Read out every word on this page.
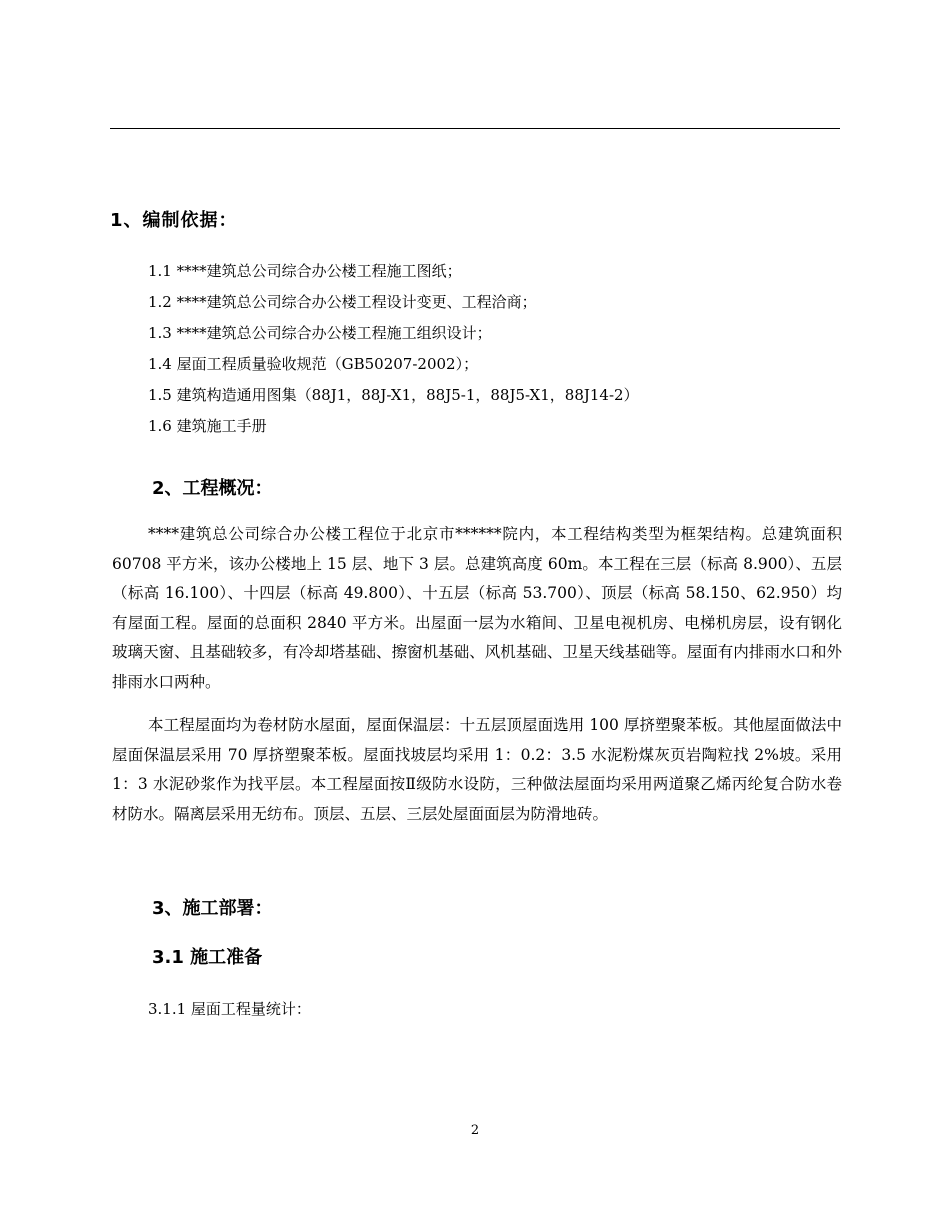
1、编制依据：
1.1 ****建筑总公司综合办公楼工程施工图纸；
1.2 ****建筑总公司综合办公楼工程设计变更、工程洽商；
1.3 ****建筑总公司综合办公楼工程施工组织设计；
1.4 屋面工程质量验收规范（GB50207-2002）；
1.5 建筑构造通用图集（88J1，88J-X1，88J5-1，88J5-X1，88J14-2）
1.6 建筑施工手册
2、工程概况：
****建筑总公司综合办公楼工程位于北京市******院内，本工程结构类型为框架结构。总建筑面积 60708 平方米，该办公楼地上 15 层、地下 3 层。总建筑高度 60m。本工程在三层（标高 8.900）、五层（标高 16.100）、十四层（标高 49.800）、十五层（标高 53.700）、顶层（标高 58.150、62.950）均有屋面工程。屋面的总面积 2840 平方米。出屋面一层为水箱间、卫星电视机房、电梯机房层，设有钢化玻璃天窗、且基础较多，有冷却塔基础、擦窗机基础、风机基础、卫星天线基础等。屋面有内排雨水口和外排雨水口两种。
本工程屋面均为卷材防水屋面，屋面保温层：十五层顶屋面选用 100 厚挤塑聚苯板。其他屋面做法中屋面保温层采用 70 厚挤塑聚苯板。屋面找坡层均采用 1：0.2：3.5 水泥粉煤灰页岩陶粒找 2%坡。采用 1：3 水泥砂浆作为找平层。本工程屋面按Ⅱ级防水设防，三种做法屋面均采用两道聚乙烯丙纶复合防水卷材防水。隔离层采用无纺布。顶层、五层、三层处屋面面层为防滑地砖。
3、施工部署：
3.1 施工准备
3.1.1 屋面工程量统计：
2
